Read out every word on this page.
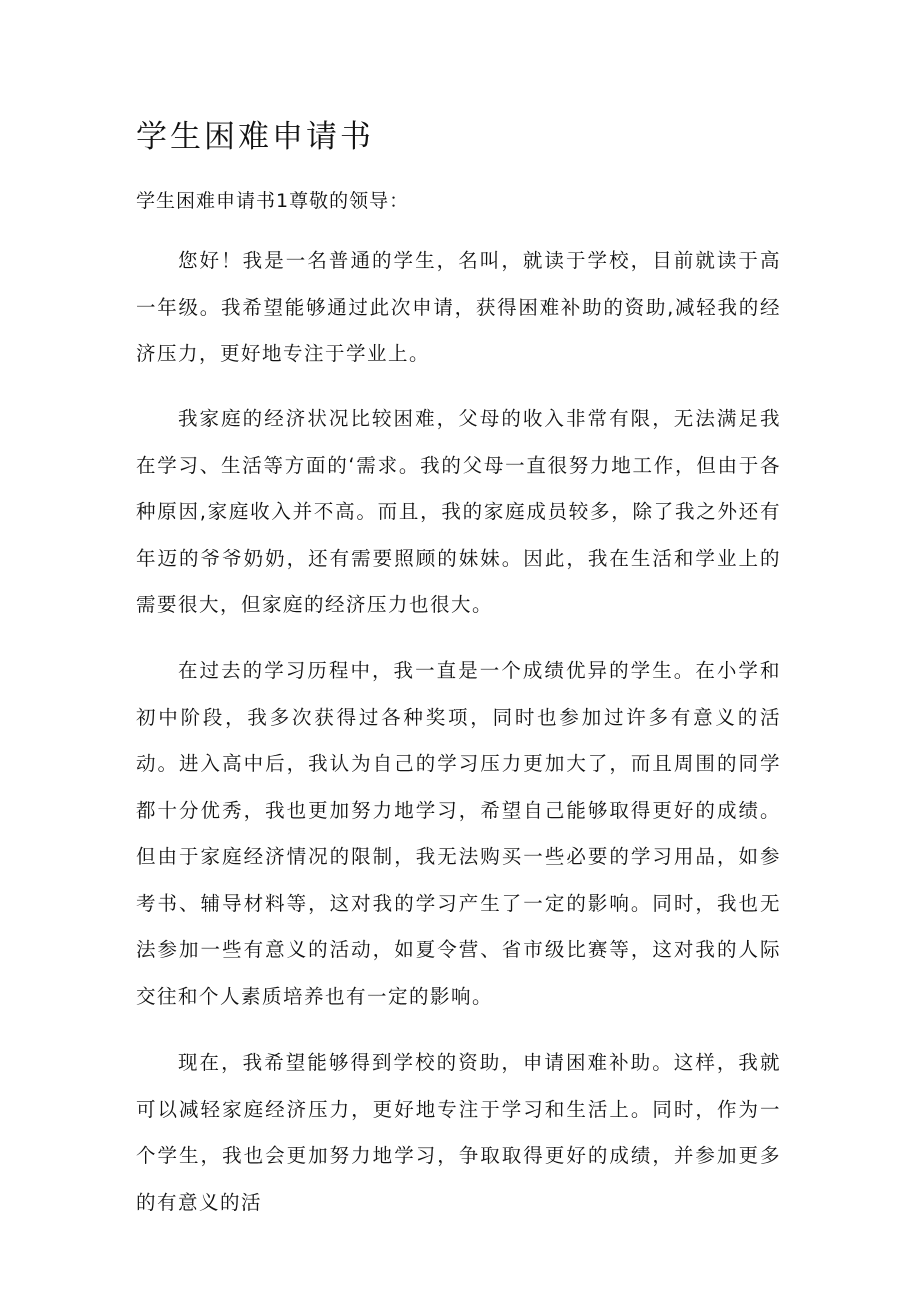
学生困难申请书

学生困难申请书1尊敬的领导：

您好！我是一名普通的学生，名叫，就读于学校，目前就读于高一年级。我希望能够通过此次申请，获得困难补助的资助,减轻我的经济压力，更好地专注于学业上。

我家庭的经济状况比较困难，父母的收入非常有限，无法满足我在学习、生活等方面的‘需求。我的父母一直很努力地工作，但由于各种原因,家庭收入并不高。而且，我的家庭成员较多，除了我之外还有年迈的爷爷奶奶，还有需要照顾的妹妹。因此，我在生活和学业上的需要很大，但家庭的经济压力也很大。

在过去的学习历程中，我一直是一个成绩优异的学生。在小学和初中阶段，我多次获得过各种奖项，同时也参加过许多有意义的活动。进入高中后，我认为自己的学习压力更加大了，而且周围的同学都十分优秀，我也更加努力地学习，希望自己能够取得更好的成绩。但由于家庭经济情况的限制，我无法购买一些必要的学习用品，如参考书、辅导材料等，这对我的学习产生了一定的影响。同时，我也无法参加一些有意义的活动，如夏令营、省市级比赛等，这对我的人际交往和个人素质培养也有一定的影响。

现在，我希望能够得到学校的资助，申请困难补助。这样，我就可以减轻家庭经济压力，更好地专注于学习和生活上。同时，作为一个学生，我也会更加努力地学习，争取取得更好的成绩，并参加更多的有意义的活
